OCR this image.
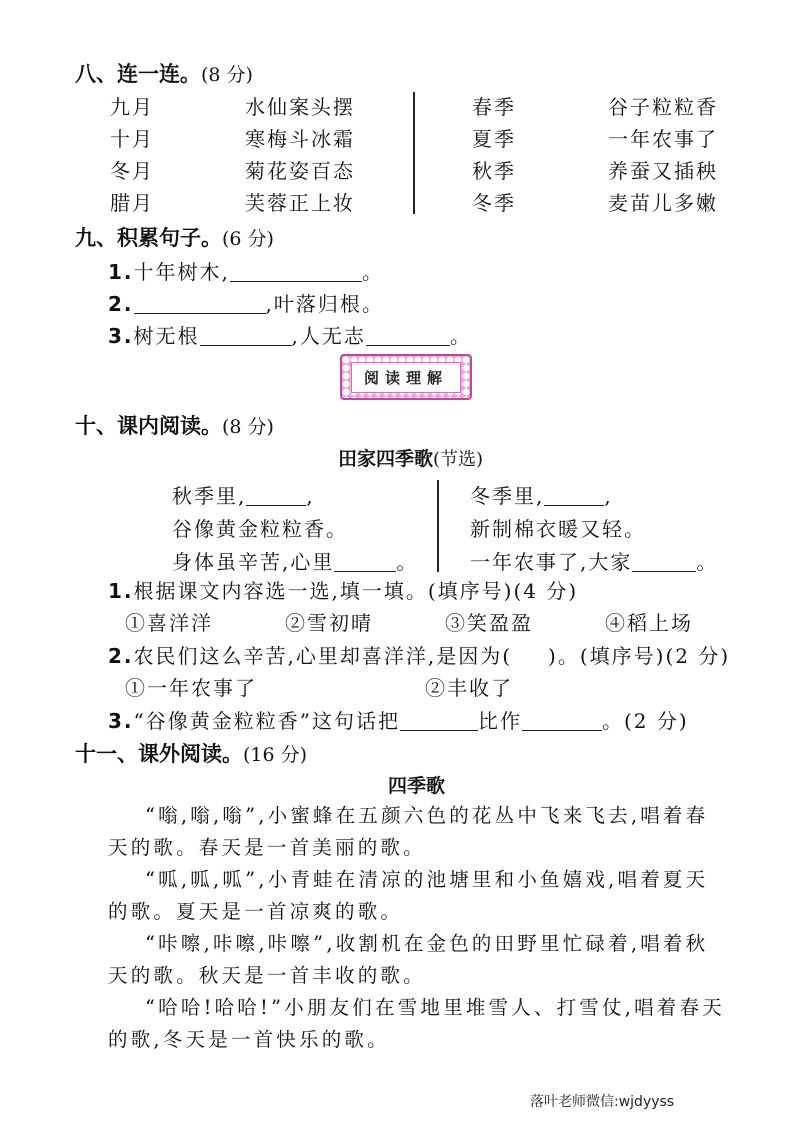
八、连一连。(8 分)
九月	水仙案头摆
十月	寒梅斗冰霜
冬月	菊花姿百态
腊月	芙蓉正上妆
春季	谷子粒粒香
夏季	一年农事了
秋季	养蚕又插秧
冬季	麦苗儿多嫩
九、积累句子。(6 分)
1.十年树木,	。
2.	,叶落归根。
3.树无根	,人无志	。
阅读理解
十、课内阅读。(8 分)
田家四季歌(节选)
秋季里,	,
谷像黄金粒粒香。
身体虽辛苦,心里	。
冬季里,	,
新制棉衣暖又轻。
一年农事了,大家	。
1.根据课文内容选一选,填一填。(填序号)(4 分)
①喜洋洋	②雪初晴	③笑盈盈	④稻上场
2.农民们这么辛苦,心里却喜洋洋,是因为( )。(填序号)(2 分)
①一年农事了	②丰收了
3.“谷像黄金粒粒香”这句话把	比作	。(2 分)
十一、课外阅读。(16 分)
四季歌
“嗡,嗡,嗡”,小蜜蜂在五颜六色的花丛中飞来飞去,唱着春
天的歌。春天是一首美丽的歌。
“呱,呱,呱”,小青蛙在清凉的池塘里和小鱼嬉戏,唱着夏天
的歌。夏天是一首凉爽的歌。
“咔嚓,咔嚓,咔嚓”,收割机在金色的田野里忙碌着,唱着秋
天的歌。秋天是一首丰收的歌。
“哈哈!哈哈!”小朋友们在雪地里堆雪人、打雪仗,唱着春天
的歌,冬天是一首快乐的歌。
落叶老师微信:wjdyyss
